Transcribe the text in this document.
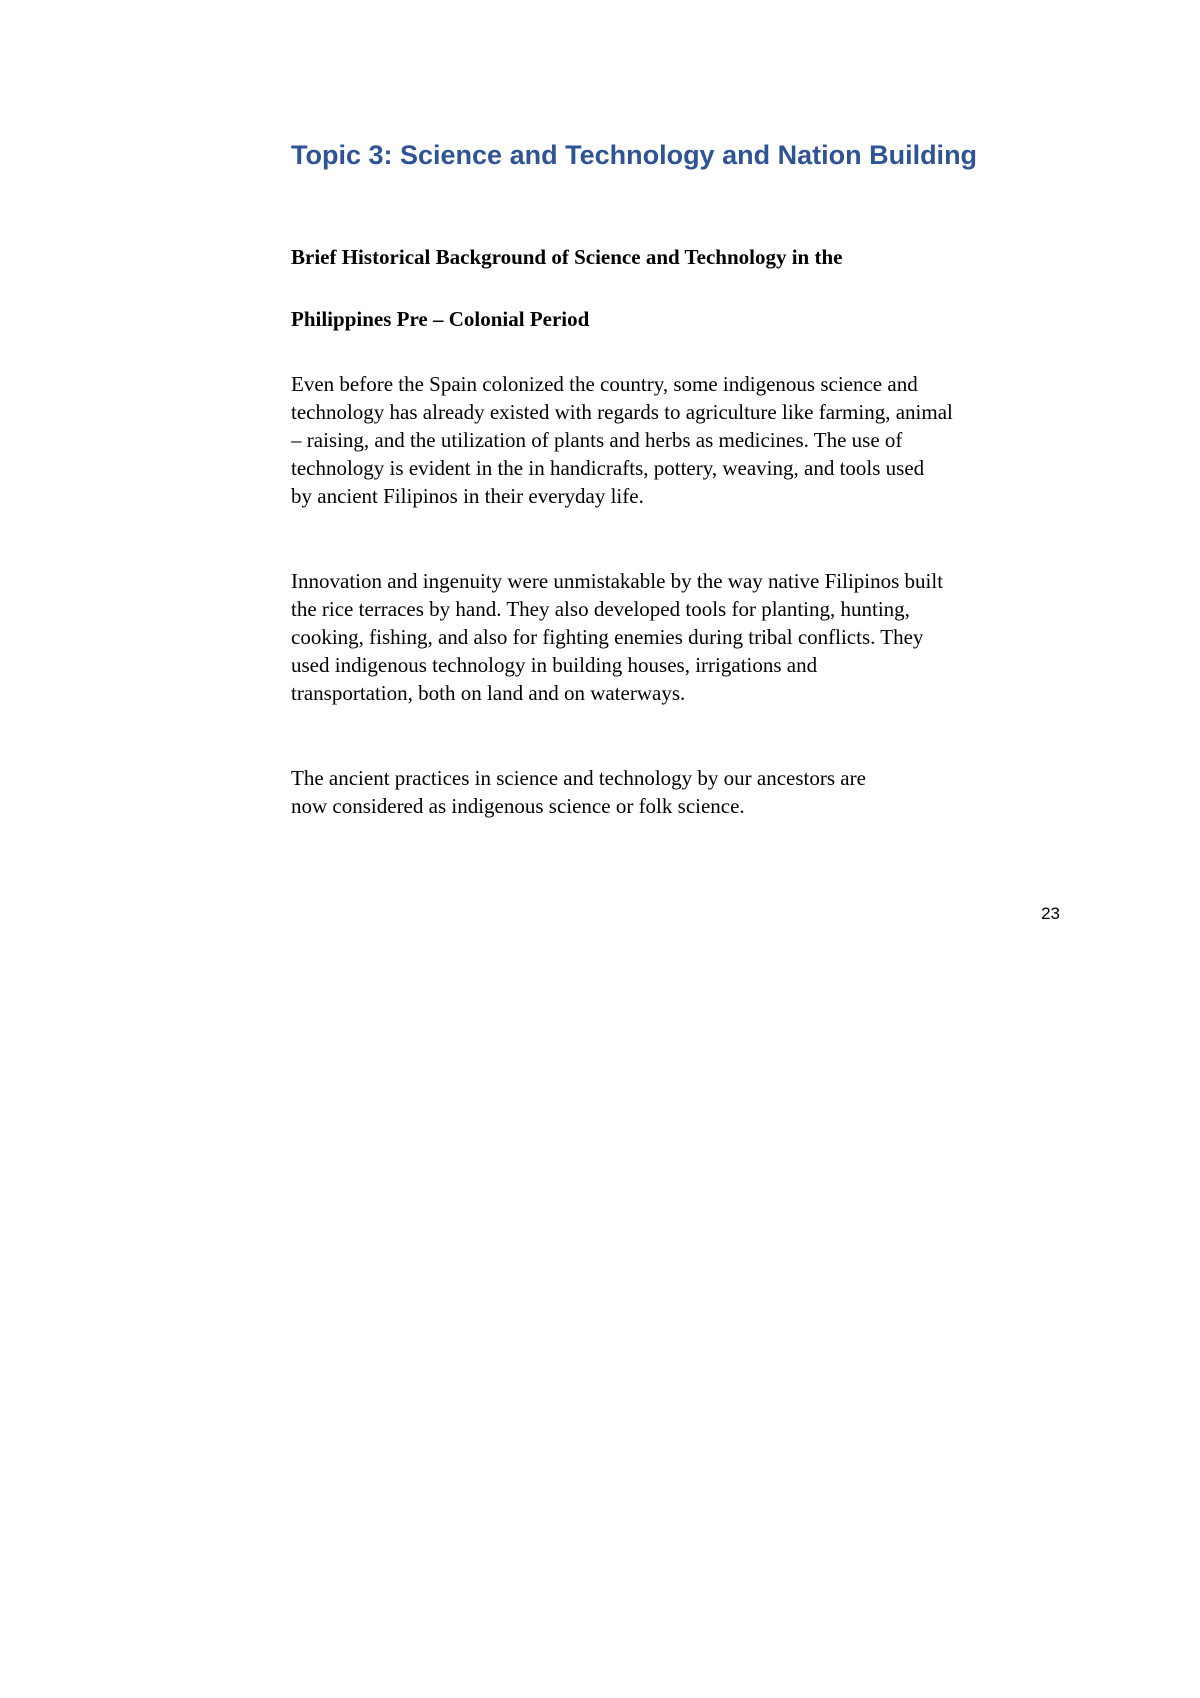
Topic 3: Science and Technology and Nation Building

Brief Historical Background of Science and Technology in the

Philippines Pre – Colonial Period

Even before the Spain colonized the country, some indigenous science and
technology has already existed with regards to agriculture like farming, animal
– raising, and the utilization of plants and herbs as medicines. The use of
technology is evident in the in handicrafts, pottery, weaving, and tools used
by ancient Filipinos in their everyday life.

Innovation and ingenuity were unmistakable by the way native Filipinos built
the rice terraces by hand. They also developed tools for planting, hunting,
cooking, fishing, and also for fighting enemies during tribal conflicts. They
used indigenous technology in building houses, irrigations and
transportation, both on land and on waterways.

The ancient practices in science and technology by our ancestors are
now considered as indigenous science or folk science.

23
